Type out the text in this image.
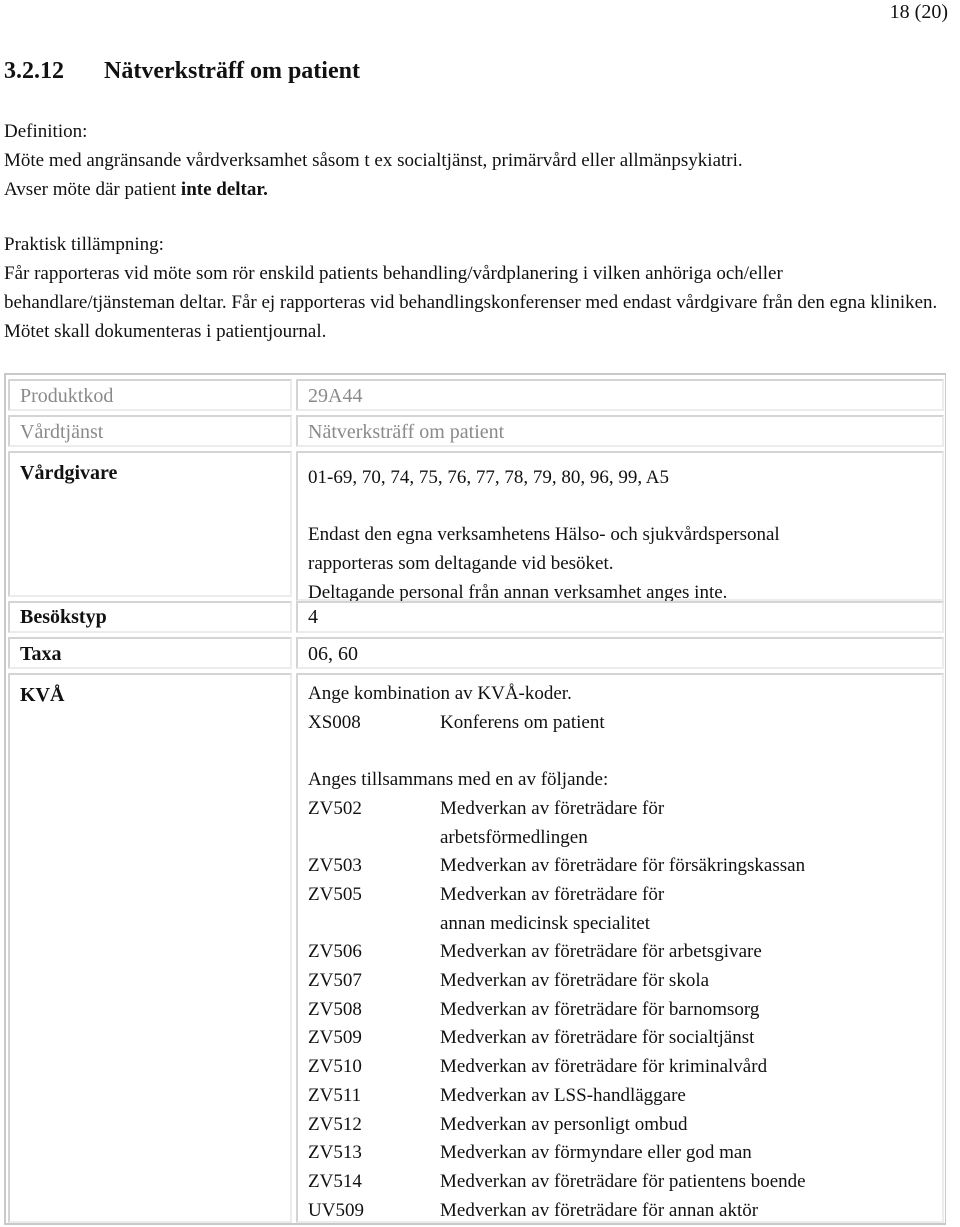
18 (20)
3.2.12 Nätverksträff om patient

Definition:

Möte med angränsande vårdverksamhet såsom t ex socialtjänst, primärvård eller allmänpsykiatri.

Avser möte där patient inte deltar.

Praktisk tillämpning:

Får rapporteras vid möte som rör enskild patients behandling/vårdplanering i vilken anhöriga och/eller behandlare/tjänsteman deltar. Får ej rapporteras vid behandlingskonferenser med endast vårdgivare från den egna kliniken. Mötet skall dokumenteras i patientjournal.

Produktkod	29A44
Vårdtjänst	Nätverksträff om patient
Vårdgivare	01-69, 70, 74, 75, 76, 77, 78, 79, 80, 96, 99, A5

Endast den egna verksamhetens Hälso- och sjukvårdspersonal

rapporteras som deltagande vid besöket.

Deltagande personal från annan verksamhet anges inte.

Besökstyp	4
Taxa	06, 60
KVÅ	Ange kombination av KVÅ-koder.

XS008	Konferens om patient

Anges tillsammans med en av följande:

ZV502	Medverkan av företrädare för
arbetsförmedlingen
ZV503	Medverkan av företrädare för försäkringskassan
ZV505	Medverkan av företrädare för
annan medicinsk specialitet
ZV506	Medverkan av företrädare för arbetsgivare
ZV507	Medverkan av företrädare för skola
ZV508	Medverkan av företrädare för barnomsorg
ZV509	Medverkan av företrädare för socialtjänst
ZV510	Medverkan av företrädare för kriminalvård
ZV511	Medverkan av LSS-handläggare
ZV512	Medverkan av personligt ombud
ZV513	Medverkan av förmyndare eller god man
ZV514	Medverkan av företrädare för patientens boende
UV509	Medverkan av företrädare för annan aktör
